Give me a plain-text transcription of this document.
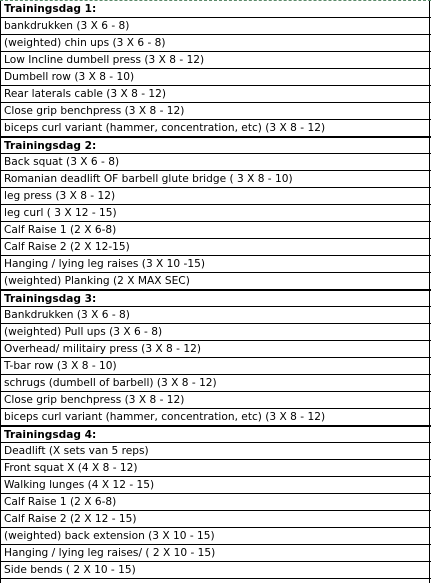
Trainingsdag 1:
bankdrukken (3 X 6 - 8)
(weighted) chin ups (3 X 6 - 8)
Low Incline dumbell press (3 X 8 - 12)
Dumbell row (3 X 8 - 10)
Rear laterals cable (3 X 8 - 12)
Close grip benchpress (3 X 8 - 12)
biceps curl variant (hammer, concentration, etc) (3 X 8 - 12)
Trainingsdag 2:
Back squat (3 X 6 - 8)
Romanian deadlift OF barbell glute bridge ( 3 X 8 - 10)
leg press (3 X 8 - 12)
leg curl ( 3 X 12 - 15)
Calf Raise 1 (2 X 6-8)
Calf Raise 2 (2 X 12-15)
Hanging / lying leg raises (3 X 10 -15)
(weighted) Planking (2 X MAX SEC)
Trainingsdag 3:
Bankdrukken (3 X 6 - 8)
(weighted) Pull ups (3 X 6 - 8)
Overhead/ militairy press (3 X 8 - 12)
T-bar row (3 X 8 - 10)
schrugs (dumbell of barbell) (3 X 8 - 12)
Close grip benchpress (3 X 8 - 12)
biceps curl variant (hammer, concentration, etc) (3 X 8 - 12)
Trainingsdag 4:
Deadlift (X sets van 5 reps)
Front squat X (4 X 8 - 12)
Walking lunges (4 X 12 - 15)
Calf Raise 1 (2 X 6-8)
Calf Raise 2 (2 X 12 - 15)
(weighted) back extension (3 X 10 - 15)
Hanging / lying leg raises/ ( 2 X 10 - 15)
Side bends ( 2 X 10 - 15)
